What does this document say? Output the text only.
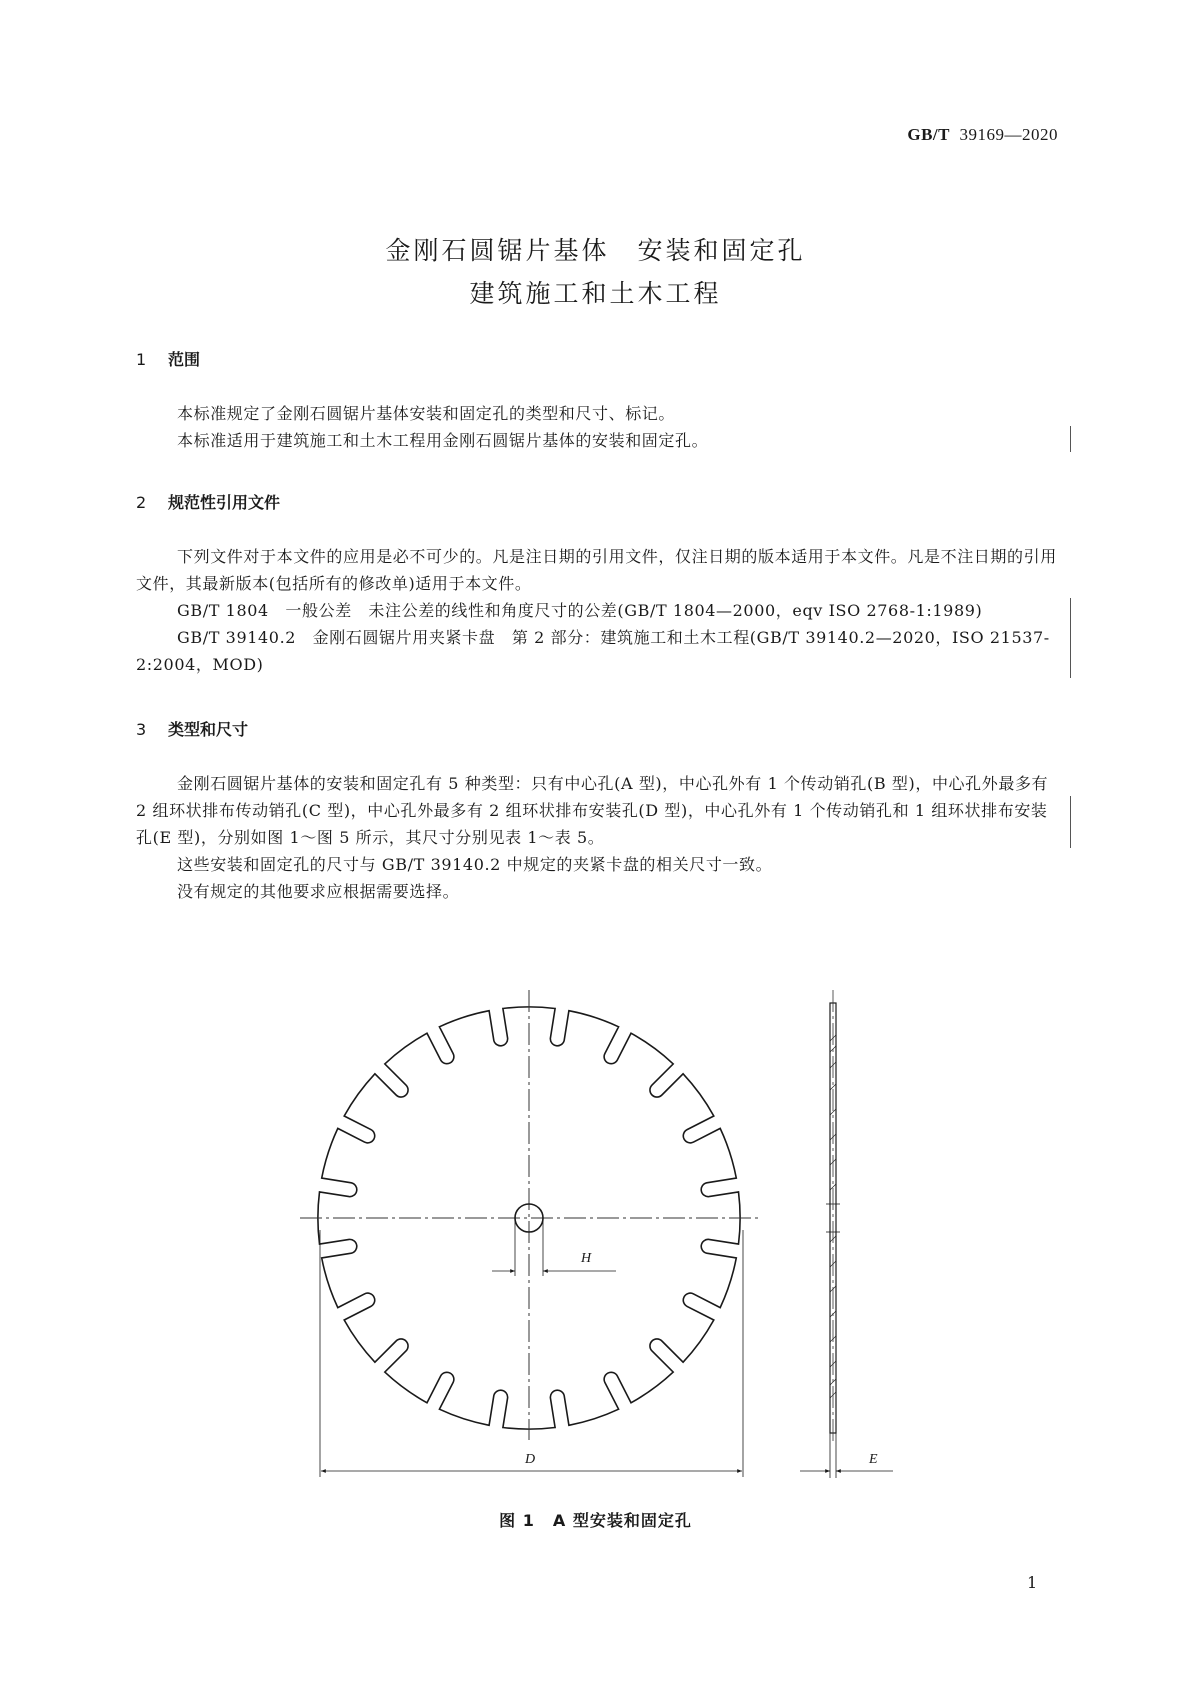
GB/T 39169—2020
金刚石圆锯片基体　安装和固定孔
建筑施工和土木工程
1 范围

本标准规定了金刚石圆锯片基体安装和固定孔的类型和尺寸、标记。

本标准适用于建筑施工和土木工程用金刚石圆锯片基体的安装和固定孔。

2 规范性引用文件

下列文件对于本文件的应用是必不可少的。凡是注日期的引用文件，仅注日期的版本适用于本文件。凡是不注日期的引用文件，其最新版本(包括所有的修改单)适用于本文件。

GB/T 1804　一般公差　未注公差的线性和角度尺寸的公差(GB/T 1804—2000，eqv ISO 2768-1:1989)

GB/T 39140.2　金刚石圆锯片用夹紧卡盘　第 2 部分：建筑施工和土木工程(GB/T 39140.2—2020，ISO 21537-2:2004，MOD)

3 类型和尺寸

金刚石圆锯片基体的安装和固定孔有 5 种类型：只有中心孔(A 型)，中心孔外有 1 个传动销孔(B 型)，中心孔外最多有 2 组环状排布传动销孔(C 型)，中心孔外最多有 2 组环状排布安装孔(D 型)，中心孔外有 1 个传动销孔和 1 组环状排布安装孔(E 型)，分别如图 1～图 5 所示，其尺寸分别见表 1～表 5。

这些安装和固定孔的尺寸与 GB/T 39140.2 中规定的夹紧卡盘的相关尺寸一致。

没有规定的其他要求应根据需要选择。

H
D	E
图 1 A 型安装和固定孔
1
